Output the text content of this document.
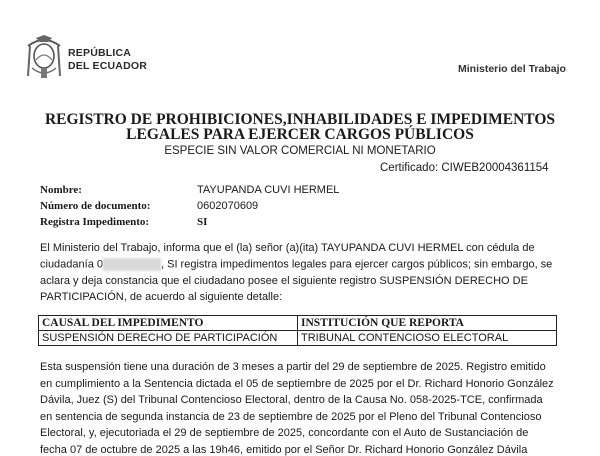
REPÚBLICA
DEL ECUADOR	Ministerio del Trabajo
REGISTRO DE PROHIBICIONES,INHABILIDADES E IMPEDIMENTOS
LEGALES PARA EJERCER CARGOS PÚBLICOS
ESPECIE SIN VALOR COMERCIAL NI MONETARIO
Certificado: CIWEB20004361154
Nombre:	TAYUPANDA CUVI HERMEL
Número de documento:	0602070609
Registra Impedimento:	SI
El Ministerio del Trabajo, informa que el (la) señor (a)(ita) TAYUPANDA CUVI HERMEL con cédula de
ciudadanía 0	, SI registra impedimentos legales para ejercer cargos públicos; sin embargo, se
aclara y deja constancia que el ciudadano posee el siguiente registro SUSPENSIÓN DERECHO DE
PARTICIPACIÓN, de acuerdo al siguiente detalle:
CAUSAL DEL IMPEDIMENTO	INSTITUCIÓN QUE REPORTA
SUSPENSIÓN DERECHO DE PARTICIPACIÓN	TRIBUNAL CONTENCIOSO ELECTORAL
Esta suspensión tiene una duración de 3 meses a partir del 29 de septiembre de 2025. Registro emitido
en cumplimiento a la Sentencia dictada el 05 de septiembre de 2025 por el Dr. Richard Honorio González
Dávila, Juez (S) del Tribunal Contencioso Electoral, dentro de la Causa No. 058-2025-TCE, confirmada
en sentencia de segunda instancia de 23 de septiembre de 2025 por el Pleno del Tribunal Contencioso
Electoral, y, ejecutoriada el 29 de septiembre de 2025, concordante con el Auto de Sustanciación de
fecha 07 de octubre de 2025 a las 19h46, emitido por el Señor Dr. Richard Honorio González Dávila
